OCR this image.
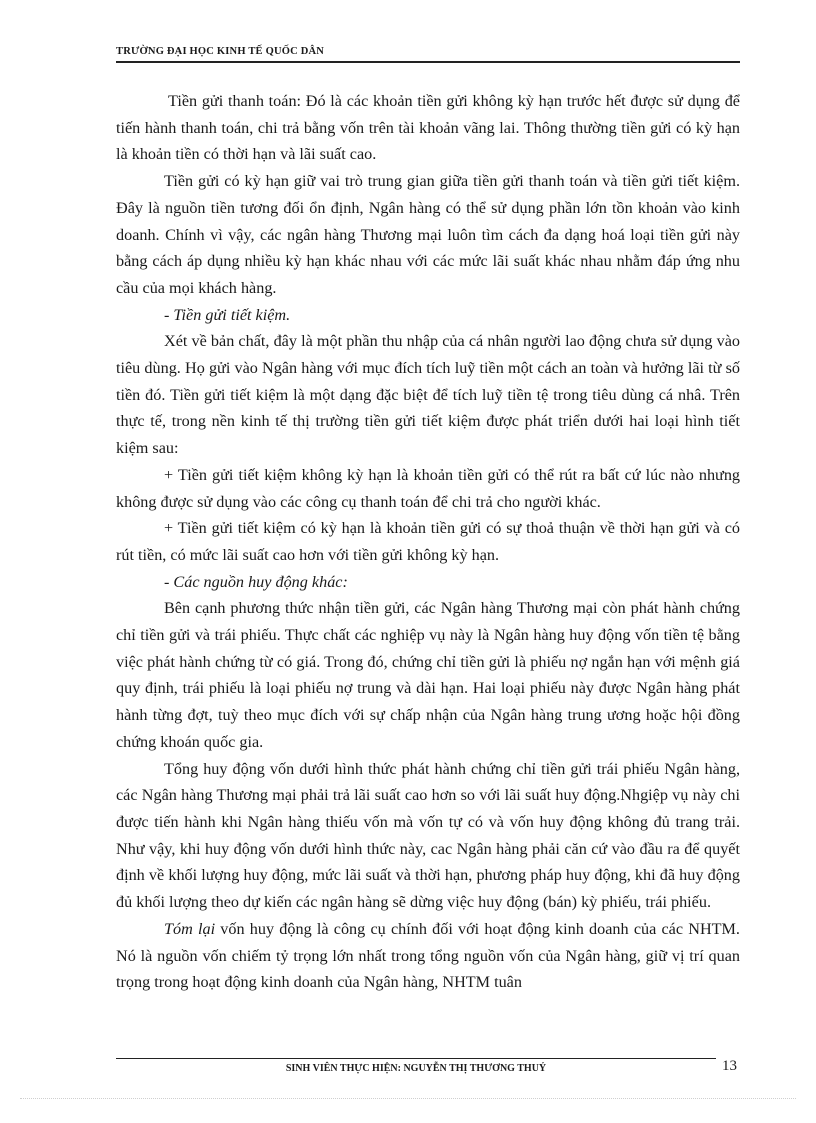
TRƯỜNG ĐẠI HỌC KINH TẾ QUỐC DÂN

Tiền gửi thanh toán: Đó là các khoản tiền gửi không kỳ hạn trước hết được sử dụng để tiến hành thanh toán, chi trả bằng vốn trên tài khoản vãng lai. Thông thường tiền gửi có kỳ hạn là khoản tiền có thời hạn và lãi suất cao.

Tiền gửi có kỳ hạn giữ vai trò trung gian giữa tiền gửi thanh toán và tiền gửi tiết kiệm. Đây là nguồn tiền tương đối ổn định, Ngân hàng có thể sử dụng phần lớn tồn khoản vào kinh doanh. Chính vì vậy, các ngân hàng Thương mại luôn tìm cách đa dạng hoá loại tiền gửi này bằng cách áp dụng nhiều kỳ hạn khác nhau với các mức lãi suất khác nhau nhằm đáp ứng nhu cầu của mọi khách hàng.

- Tiền gửi tiết kiệm.

Xét về bản chất, đây là một phần thu nhập của cá nhân người lao động chưa sử dụng vào tiêu dùng. Họ gửi vào Ngân hàng với mục đích tích luỹ tiền một cách an toàn và hưởng lãi từ số tiền đó. Tiền gửi tiết kiệm là một dạng đặc biệt để tích luỹ tiền tệ trong tiêu dùng cá nhâ. Trên thực tế, trong nền kinh tế thị trường tiền gửi tiết kiệm được phát triển dưới hai loại hình tiết kiệm sau:

+ Tiền gửi tiết kiệm không kỳ hạn là khoản tiền gửi có thể rút ra bất cứ lúc nào nhưng không được sử dụng vào các công cụ thanh toán để chi trả cho người khác.

+ Tiền gửi tiết kiệm có kỳ hạn là khoản tiền gửi có sự thoả thuận về thời hạn gửi và có rút tiền, có mức lãi suất cao hơn với tiền gửi không kỳ hạn.

- Các nguồn huy động khác:

Bên cạnh phương thức nhận tiền gửi, các Ngân hàng Thương mại còn phát hành chứng chỉ tiền gửi và trái phiếu. Thực chất các nghiệp vụ này là Ngân hàng huy động vốn tiền tệ bằng việc phát hành chứng từ có giá. Trong đó, chứng chỉ tiền gửi là phiếu nợ ngắn hạn với mệnh giá quy định, trái phiếu là loại phiếu nợ trung và dài hạn. Hai loại phiếu này được Ngân hàng phát hành từng đợt, tuỳ theo mục đích với sự chấp nhận của Ngân hàng trung ương hoặc hội đồng chứng khoán quốc gia.

Tổng huy động vốn dưới hình thức phát hành chứng chỉ tiền gửi trái phiếu Ngân hàng, các Ngân hàng Thương mại phải trả lãi suất cao hơn so với lãi suất huy động.Nhgiệp vụ này chi được tiến hành khi Ngân hàng thiếu vốn mà vốn tự có và vốn huy động không đủ trang trải. Như vậy, khi huy động vốn dưới hình thức này, cac Ngân hàng phải căn cứ vào đầu ra để quyết định về khối lượng huy động, mức lãi suất và thời hạn, phương pháp huy động, khi đã huy động đủ khối lượng theo dự kiến các ngân hàng sẽ dừng việc huy động (bán) kỳ phiếu, trái phiếu.

Tóm lại vốn huy động là công cụ chính đối với hoạt động kinh doanh của các NHTM. Nó là nguồn vốn chiếm tỷ trọng lớn nhất trong tổng nguồn vốn của Ngân hàng, giữ vị trí quan trọng trong hoạt động kinh doanh của Ngân hàng, NHTM tuân

SINH VIÊN THỰC HIỆN: NGUYỄN THỊ THƯƠNG THUỶ	13
